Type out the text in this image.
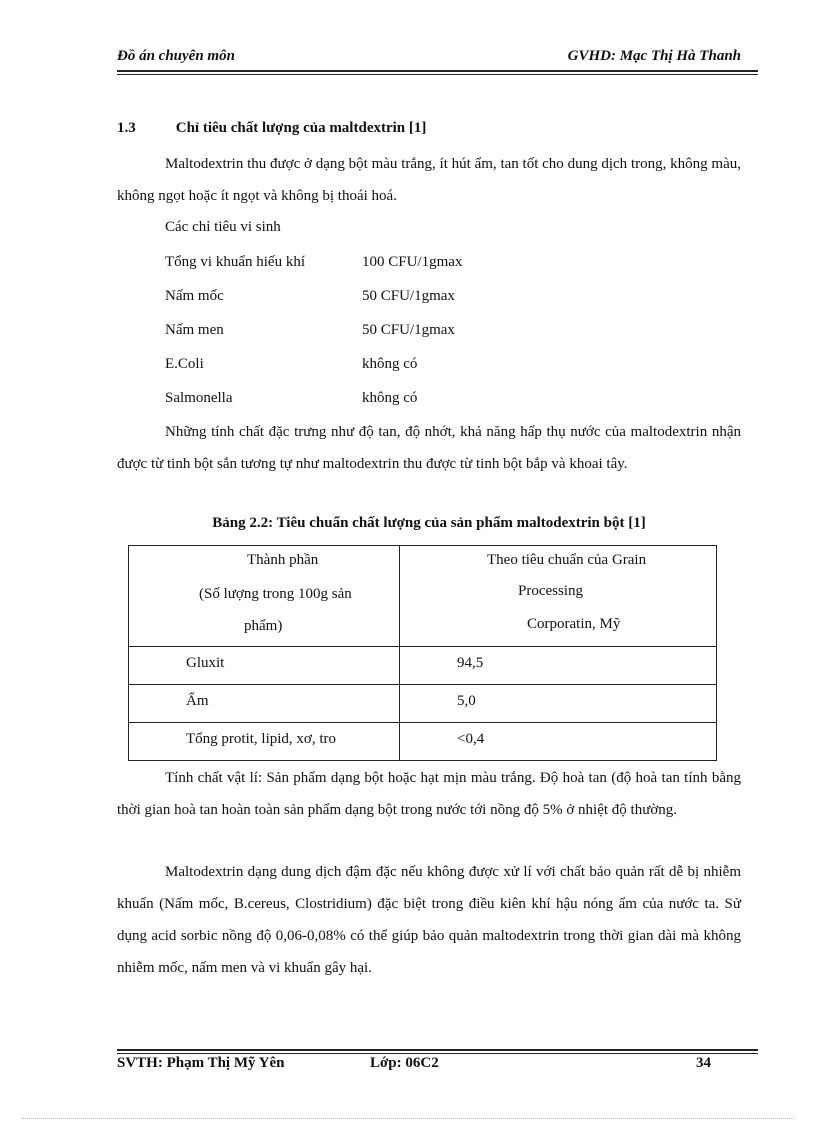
Đồ án chuyên môn	GVHD: Mạc Thị Hà Thanh
1.3	Chỉ tiêu chất lượng của maltdextrin [1]

Maltodextrin thu được ở dạng bột màu trắng, ít hút ẩm, tan tốt cho dung dịch trong, không màu, không ngọt hoặc ít ngọt và không bị thoái hoá.

Các chỉ tiêu vi sinh
Tổng vi khuẩn hiếu khí	100 CFU/1gmax
Nấm mốc	50 CFU/1gmax
Nấm men	50 CFU/1gmax
E.Coli	không có
Salmonella	không có

Những tính chất đặc trưng như độ tan, độ nhớt, khả năng hấp thụ nước của maltodextrin nhận được từ tinh bột sắn tương tự như maltodextrin thu được từ tinh bột bắp và khoai tây.

Bảng 2.2: Tiêu chuẩn chất lượng của sản phẩm maltodextrin bột [1]
Thành phần
(Số lượng trong 100g sản
phẩm)	Theo tiêu chuẩn của Grain
Processing
Corporatin, Mỹ

Gluxit	94,5

Ẩm	5,0

Tổng protit, lipid, xơ, tro	<0,4

Tính chất vật lí: Sản phẩm dạng bột hoặc hạt mịn màu trắng. Độ hoà tan (độ hoà tan tính bằng thời gian hoà tan hoàn toàn sản phẩm dạng bột trong nước tới nồng độ 5% ở nhiệt độ thường.

Maltodextrin dạng dung dịch đậm đặc nếu không được xử lí với chất bảo quản rất dễ bị nhiễm khuẩn (Nấm mốc, B.cereus, Clostridium) đặc biệt trong điều kiên khí hậu nóng ẩm của nước ta. Sử dụng acid sorbic nồng độ 0,06-0,08% có thể giúp bảo quản maltodextrin trong thời gian dài mà không nhiễm mốc, nấm men và vi khuẩn gây hại.

SVTH: Phạm Thị Mỹ Yên	Lớp: 06C2	34
